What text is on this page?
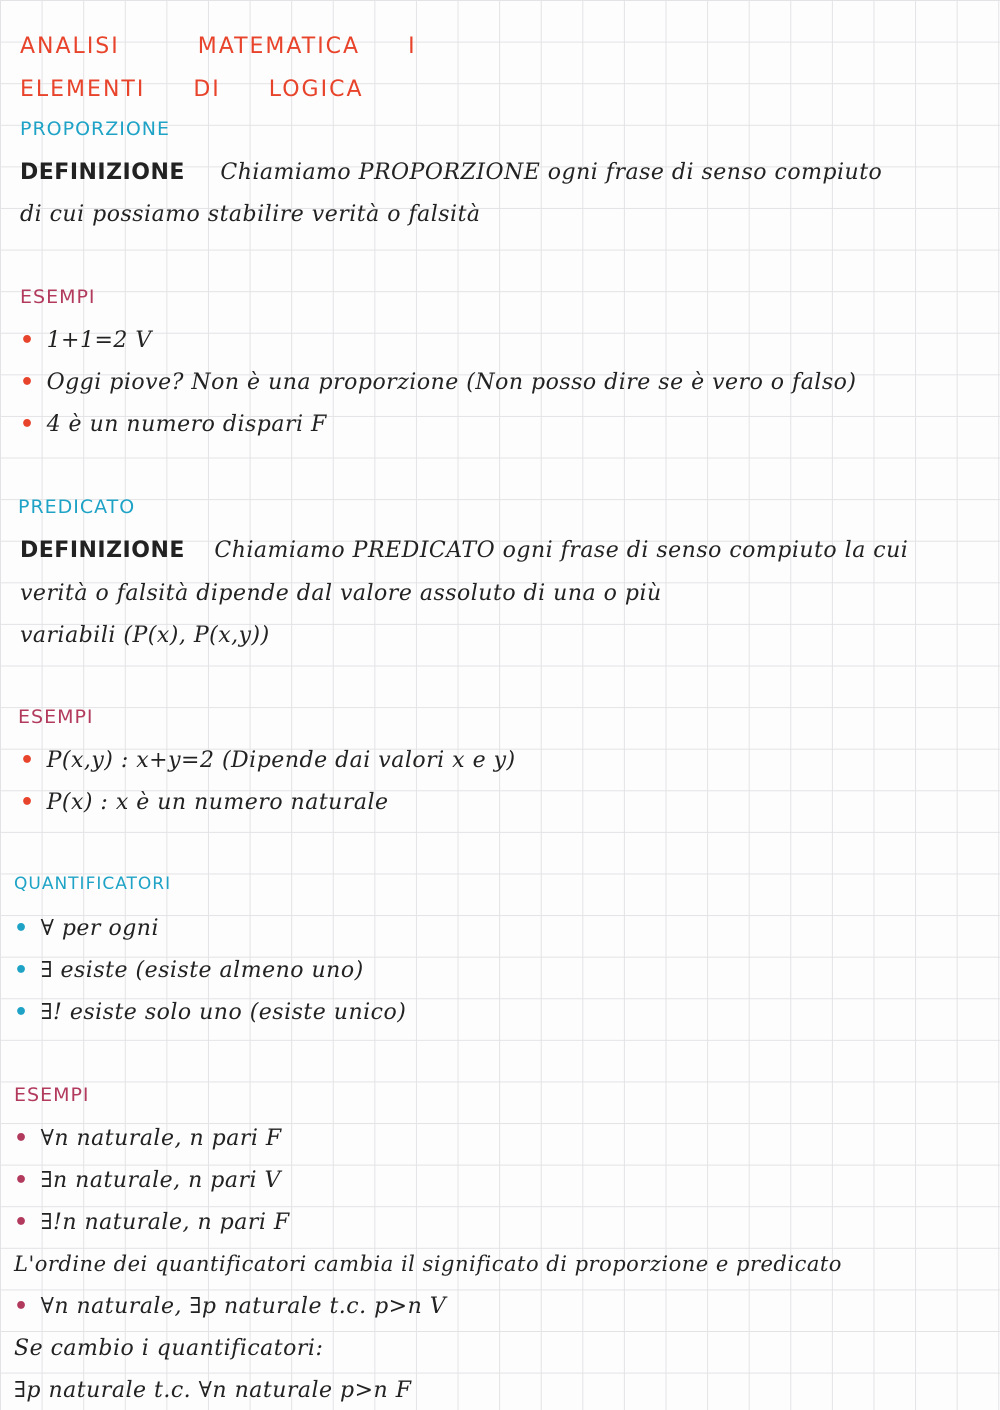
ANALISI	MATEMATICA I
ELEMENTI DI LOGICA
PROPORZIONE
DEFINIZIONE Chiamiamo PROPORZIONE ogni frase di senso compiuto
di cui possiamo stabilire verità o falsità
ESEMPI
• 1+1=2 V
• Oggi piove? Non è una proporzione (Non posso dire se è vero o falso)
• 4 è un numero dispari F
PREDICATO
DEFINIZIONE Chiamiamo PREDICATO ogni frase di senso compiuto la cui
verità o falsità dipende dal valore assoluto di una o più
variabili (P(x), P(x,y))
ESEMPI
• P(x,y) : x+y=2 (Dipende dai valori x e y)
• P(x) : x è un numero naturale
QUANTIFICATORI
• ∀ per ogni
• ∃ esiste (esiste almeno uno)
• ∃! esiste solo uno (esiste unico)
ESEMPI
• ∀n naturale, n pari F
• ∃n naturale, n pari V
• ∃!n naturale, n pari F
L'ordine dei quantificatori cambia il significato di proporzione e predicato
• ∀n naturale, ∃p naturale t.c. p>n V
Se cambio i quantificatori:
∃p naturale t.c. ∀n naturale p>n F
